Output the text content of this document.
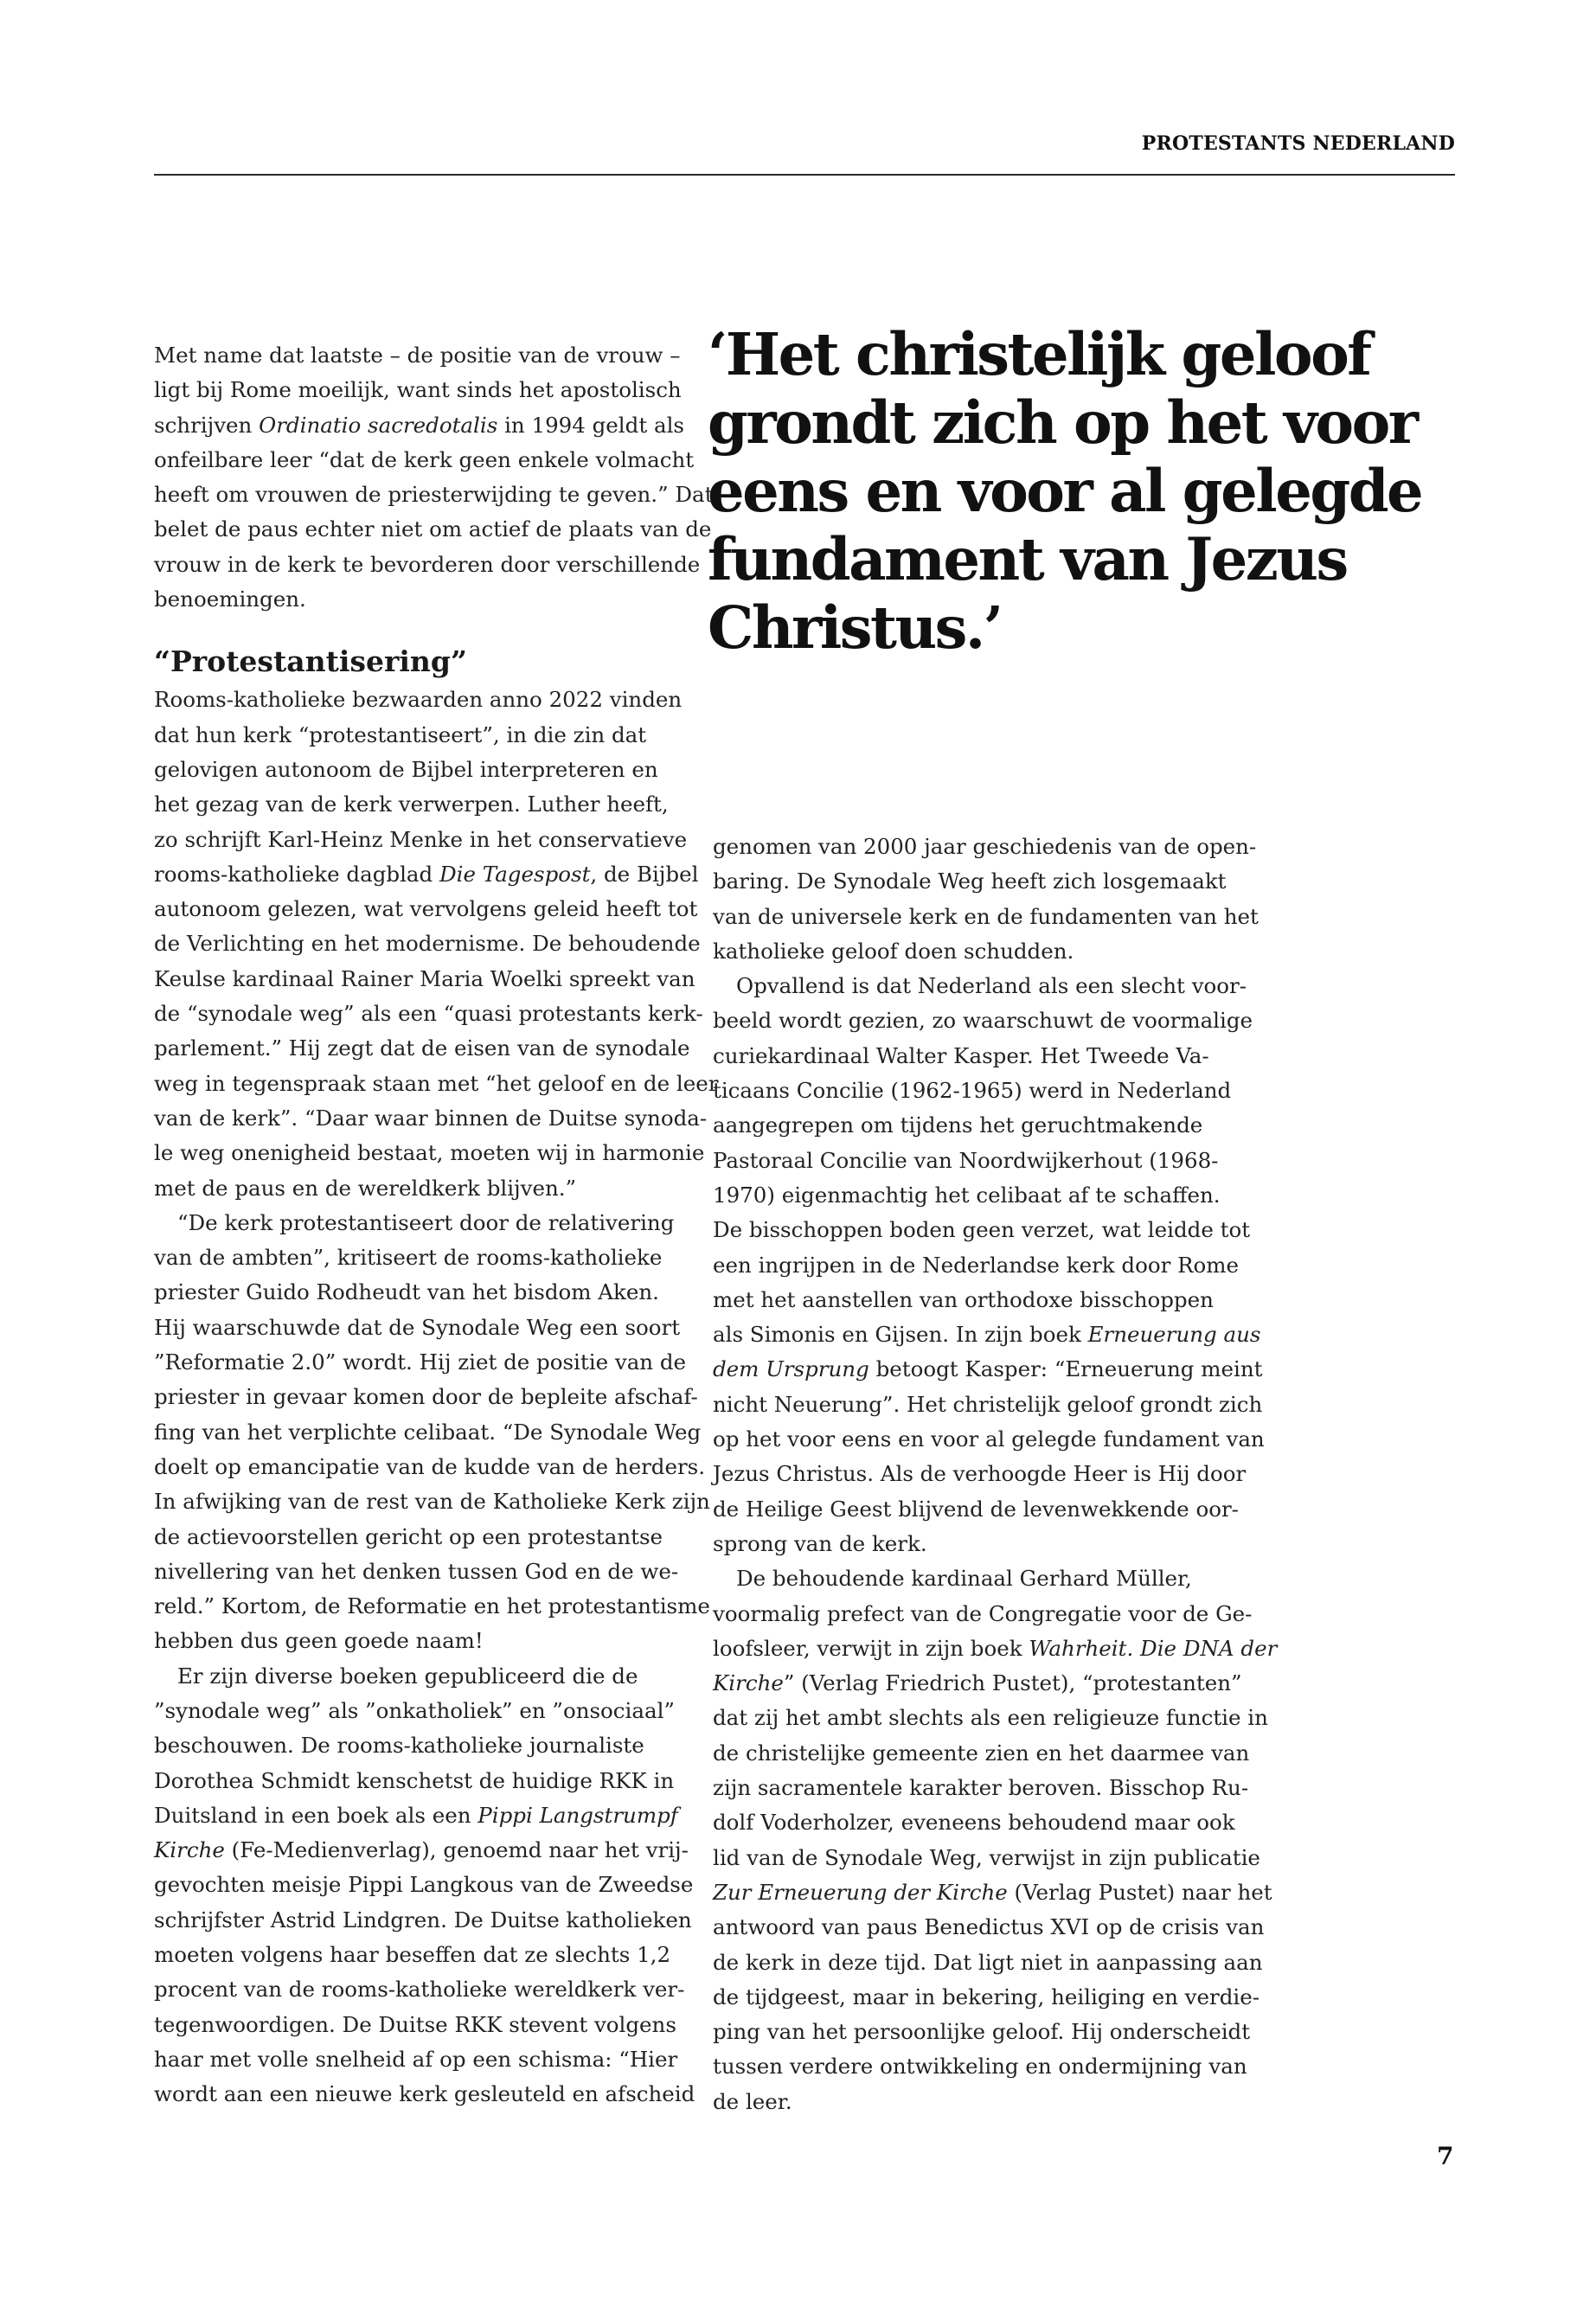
PROTESTANTS NEDERLAND
Met name dat laatste – de positie van de vrouw –
ligt bij Rome moeilijk, want sinds het apostolisch
schrijven Ordinatio sacredotalis in 1994 geldt als
onfeilbare leer “dat de kerk geen enkele volmacht
heeft om vrouwen de priesterwijding te geven.” Dat
belet de paus echter niet om actief de plaats van de
vrouw in de kerk te bevorderen door verschillende
benoemingen.
“Protestantisering”
Rooms-katholieke bezwaarden anno 2022 vinden
dat hun kerk “protestantiseert”, in die zin dat
gelovigen autonoom de Bijbel interpreteren en
het gezag van de kerk verwerpen. Luther heeft,
zo schrijft Karl-Heinz Menke in het conservatieve
rooms-katholieke dagblad Die Tagespost, de Bijbel
autonoom gelezen, wat vervolgens geleid heeft tot
de Verlichting en het modernisme. De behoudende
Keulse kardinaal Rainer Maria Woelki spreekt van
de “synodale weg” als een “quasi protestants kerk-
parlement.” Hij zegt dat de eisen van de synodale
weg in tegenspraak staan met “het geloof en de leer
van de kerk”. “Daar waar binnen de Duitse synoda-
le weg onenigheid bestaat, moeten wij in harmonie
met de paus en de wereldkerk blijven.”
“De kerk protestantiseert door de relativering
van de ambten”, kritiseert de rooms-katholieke
priester Guido Rodheudt van het bisdom Aken.
Hij waarschuwde dat de Synodale Weg een soort
”Reformatie 2.0” wordt. Hij ziet de positie van de
priester in gevaar komen door de bepleite afschaf-
fing van het verplichte celibaat. “De Synodale Weg
doelt op emancipatie van de kudde van de herders.
In afwijking van de rest van de Katholieke Kerk zijn
de actievoorstellen gericht op een protestantse
nivellering van het denken tussen God en de we-
reld.” Kortom, de Reformatie en het protestantisme
hebben dus geen goede naam!
Er zijn diverse boeken gepubliceerd die de
”synodale weg” als ”onkatholiek” en ”onsociaal”
beschouwen. De rooms-katholieke journaliste
Dorothea Schmidt kenschetst de huidige RKK in
Duitsland in een boek als een Pippi Langstrumpf
Kirche (Fe-Medienverlag), genoemd naar het vrij-
gevochten meisje Pippi Langkous van de Zweedse
schrijfster Astrid Lindgren. De Duitse katholieken
moeten volgens haar beseffen dat ze slechts 1,2
procent van de rooms-katholieke wereldkerk ver-
tegenwoordigen. De Duitse RKK stevent volgens
haar met volle snelheid af op een schisma: “Hier
wordt aan een nieuwe kerk gesleuteld en afscheid
‘Het christelijk geloof
grondt zich op het voor
eens en voor al gelegde
fundament van Jezus
Christus.’
genomen van 2000 jaar geschiedenis van de open-
baring. De Synodale Weg heeft zich losgemaakt
van de universele kerk en de fundamenten van het
katholieke geloof doen schudden.
Opvallend is dat Nederland als een slecht voor-
beeld wordt gezien, zo waarschuwt de voormalige
curiekardinaal Walter Kasper. Het Tweede Va-
ticaans Concilie (1962-1965) werd in Nederland
aangegrepen om tijdens het geruchtmakende
Pastoraal Concilie van Noordwijkerhout (1968-
1970) eigenmachtig het celibaat af te schaffen.
De bisschoppen boden geen verzet, wat leidde tot
een ingrijpen in de Nederlandse kerk door Rome
met het aanstellen van orthodoxe bisschoppen
als Simonis en Gijsen. In zijn boek Erneuerung aus
dem Ursprung betoogt Kasper: “Erneuerung meint
nicht Neuerung”. Het christelijk geloof grondt zich
op het voor eens en voor al gelegde fundament van
Jezus Christus. Als de verhoogde Heer is Hij door
de Heilige Geest blijvend de levenwekkende oor-
sprong van de kerk.
De behoudende kardinaal Gerhard Müller,
voormalig prefect van de Congregatie voor de Ge-
loofsleer, verwijt in zijn boek Wahrheit. Die DNA der
Kirche” (Verlag Friedrich Pustet), “protestanten”
dat zij het ambt slechts als een religieuze functie in
de christelijke gemeente zien en het daarmee van
zijn sacramentele karakter beroven. Bisschop Ru-
dolf Voderholzer, eveneens behoudend maar ook
lid van de Synodale Weg, verwijst in zijn publicatie
Zur Erneuerung der Kirche (Verlag Pustet) naar het
antwoord van paus Benedictus XVI op de crisis van
de kerk in deze tijd. Dat ligt niet in aanpassing aan
de tijdgeest, maar in bekering, heiliging en verdie-
ping van het persoonlijke geloof. Hij onderscheidt
tussen verdere ontwikkeling en ondermijning van
de leer.
7
